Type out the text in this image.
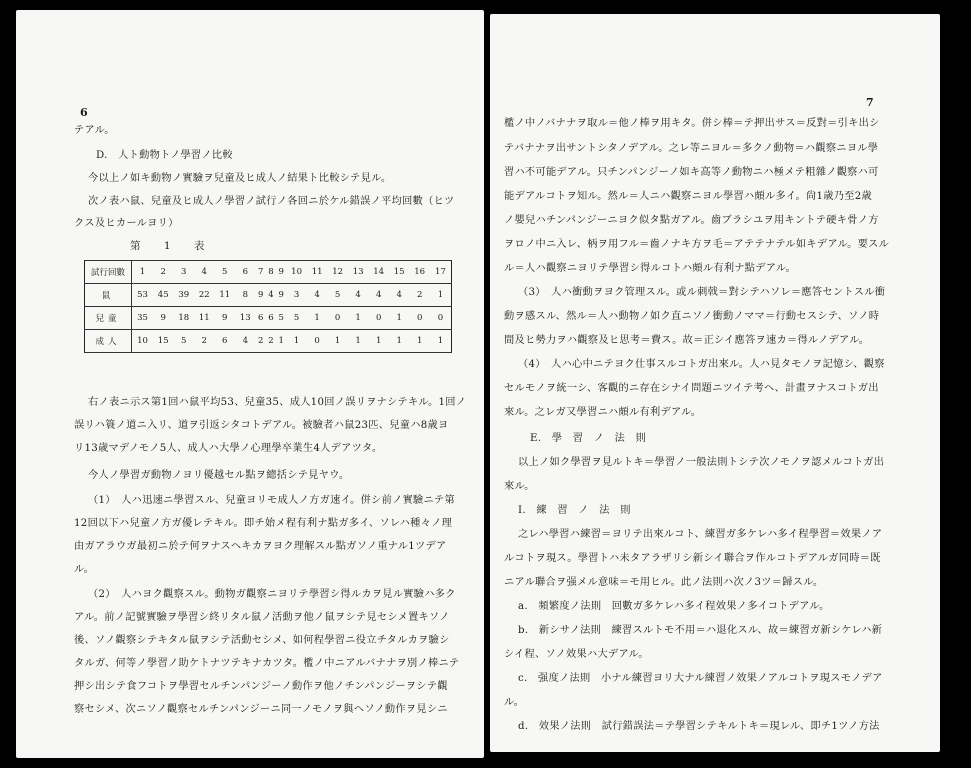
6
テアル。
D.　人ト動物トノ學習ノ比較
今以上ノ如キ動物ノ實驗ヲ兒童及ヒ成人ノ結果ト比較シテ見ル。
次ノ表ハ鼠、兒童及ヒ成人ノ學習ノ試行ノ各回ニ於ケル錯誤ノ平均回數（ヒツ
クス及ヒカールヨリ）
第 1 表
試行回數	1	2	3	4	5	6	7	8	9	10	11	12	13	14	15	16	17
鼠	53	45	39	22	11	8	9	4	9	3	4	5	4	4	4	2	1
兒童	35	9	18	11	9	13	6	6	5	5	1	0	1	0	1	0	0
成人	10	15	5	2	6	4	2	2	1	1	0	1	1	1	1	1	1
右ノ表ニ示ス第1回ハ鼠平均53、兒童35、成人10回ノ誤リヲナシテキル。1回ノ
誤リハ簑ノ道ニ入リ、道ヲ引返シタコトデアル。被驗者ハ鼠23匹、兒童ハ8歳ヨ
リ13歳マデノモノ5人、成人ハ大學ノ心理學卒業生4人デアツタ。
今人ノ學習ガ動物ノヨリ優越セル點ヲ總括シテ見ヤウ。
（1）　人ハ迅速ニ學習スル、兒童ヨリモ成人ノ方ガ速イ。併シ前ノ實驗ニテ第
12回以下ハ兒童ノ方ガ優レテキル。即チ始メ程有利ナ點ガ多イ、ソレハ種々ノ理
由ガアラウガ最初ニ於テ何ヲナスヘキカヲヨク理解スル點ガソノ重ナル1ツデア
ル。
（2）　人ハヨク觀察スル。動物ガ觀察ニヨリテ學習シ得ルカヲ見ル實驗ハ多ク
アル。前ノ記號實驗ヲ學習シ終リタル鼠ノ活動ヲ他ノ鼠ヲシテ見セシメ置キソノ
後、ソノ觀察シテキタル鼠ヲシテ活動セシメ、如何程學習ニ役立チタルカヲ驗シ
タルガ、何等ノ學習ノ助ケトナツテキナカツタ。檻ノ中ニアルバナナヲ別ノ棒ニテ
押シ出シテ食フコトヲ學習セルチンパンジーノ動作ヲ他ノチンパンジーヲシテ觀
察セシメ、次ニソノ觀察セルチンパンジーニ同一ノモノヲ與ヘソノ動作ヲ見シニ
7
檻ノ中ノバナナヲ取ル＝他ノ棒ヲ用キタ。併シ棒＝テ押出サス＝反對＝引キ出シ
テバナナヲ出サントシタノデアル。之レ等ニヨル＝多クノ動物＝ハ觀察ニヨル學
習ハ不可能デアル。只チンパンジーノ如キ高等ノ動物ニハ極メテ粗雜ノ觀察ハ可
能デアルコトヲ知ル。然ル＝人ニハ觀察ニヨル學習ハ頗ル多イ。尙1歳乃至2歳
ノ嬰兒ハチンパンジーニヨク似タ點ガアル。齒ブラシユヲ用キントテ硬キ骨ノ方
ヲロノ中ニ入レ、柄ヲ用フル＝齒ノナキ方ヲ毛＝アテテナテル如キデアル。要スル
ル＝人ハ觀察ニヨリテ學習シ得ルコトハ頗ル有利ナ點デアル。
（3）　人ハ衝動ヲヨク管理スル。或ル刺戟＝對シテハソレ＝應答セントスル衝
動ヲ感スル、然ル＝人ハ動物ノ如ク直ニソノ衝動ノママ＝行動セスシテ、ソノ時
間及ヒ勢力ヲハ觀察及ヒ思考＝費ス。故＝正シイ應答ヲ速カ＝得ルノデアル。
（4）　人ハ心中ニテヨク仕事スルコトガ出來ル。人ハ見タモノヲ記憶シ、觀察
セルモノヲ統一シ、客觀的ニ存在シナイ問題ニツイテ考ヘ、計畫ヲナスコトガ出
來ル。之レガ又學習ニハ頗ル有利デアル。
E.　學　習　ノ　法　則
以上ノ如ク學習ヲ見ルトキ＝學習ノ一般法則トシテ次ノモノヲ認メルコトガ出
來ル。
I.　練　習　ノ　法　則
之レハ學習ハ練習＝ヨリテ出來ルコト、練習ガ多ケレハ多イ程學習＝效果ノア
ルコトヲ現ス。學習トハ未タアラザリシ新シイ聯合ヲ作ルコトデアルガ同時＝既
ニアル聯合ヲ强メル意味＝モ用ヒル。此ノ法則ハ次ノ3ツ＝歸スル。
a.　頻繁度ノ法則　回數ガ多ケレハ多イ程效果ノ多イコトデアル。
b.　新シサノ法則　練習スルトモ不用＝ハ退化スル、故＝練習ガ新シケレハ新
シイ程、ソノ效果ハ大デアル。
c.　强度ノ法則　小ナル練習ヨリ大ナル練習ノ效果ノアルコトヲ現スモノデア
ル。
d.　效果ノ法則　試行錯誤法＝テ學習シテキルトキ＝現レル、即チ1ツノ方法
